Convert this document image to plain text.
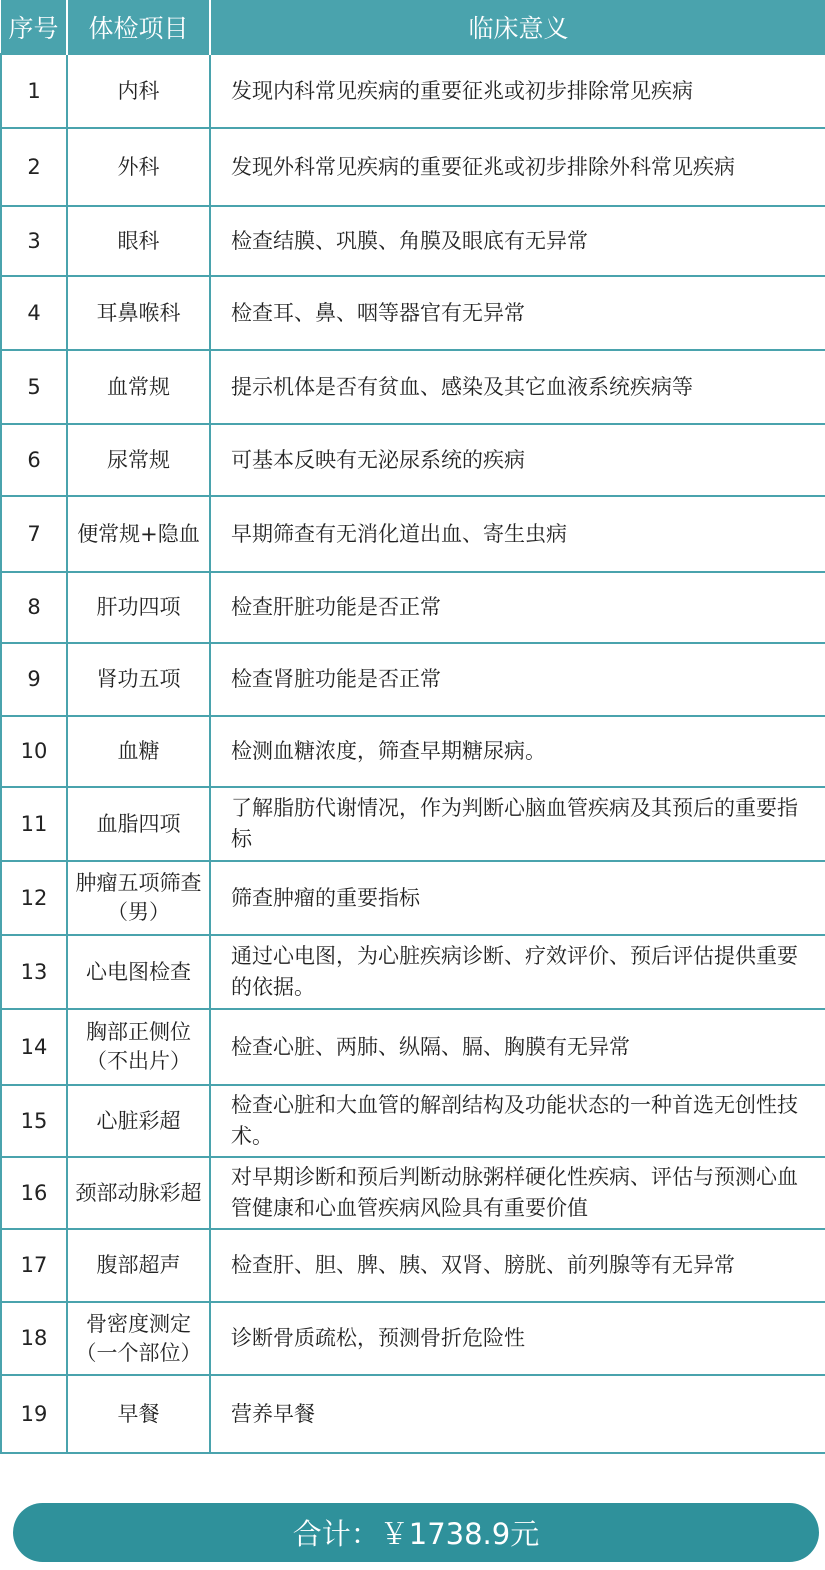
序号	体检项目	临床意义
1	内科	发现内科常见疾病的重要征兆或初步排除常见疾病
2	外科	发现外科常见疾病的重要征兆或初步排除外科常见疾病
3	眼科	检查结膜、巩膜、角膜及眼底有无异常
4	耳鼻喉科	检查耳、鼻、咽等器官有无异常
5	血常规	提示机体是否有贫血、感染及其它血液系统疾病等
6	尿常规	可基本反映有无泌尿系统的疾病
7	便常规+隐血	早期筛查有无消化道出血、寄生虫病
8	肝功四项	检查肝脏功能是否正常
9	肾功五项	检查肾脏功能是否正常
10	血糖	检测血糖浓度，筛查早期糖尿病。
11	血脂四项	了解脂肪代谢情况，作为判断心脑血管疾病及其预后的重要指标
12	肿瘤五项筛查（男）	筛查肿瘤的重要指标
13	心电图检查	通过心电图，为心脏疾病诊断、疗效评价、预后评估提供重要的依据。
14	胸部正侧位（不出片）	检查心脏、两肺、纵隔、膈、胸膜有无异常
15	心脏彩超	检查心脏和大血管的解剖结构及功能状态的一种首选无创性技术。
16	颈部动脉彩超	对早期诊断和预后判断动脉粥样硬化性疾病、评估与预测心血管健康和心血管疾病风险具有重要价值
17	腹部超声	检查肝、胆、脾、胰、双肾、膀胱、前列腺等有无异常
18	骨密度测定（一个部位）	诊断骨质疏松，预测骨折危险性
19	早餐	营养早餐
合计：￥1738.9元
